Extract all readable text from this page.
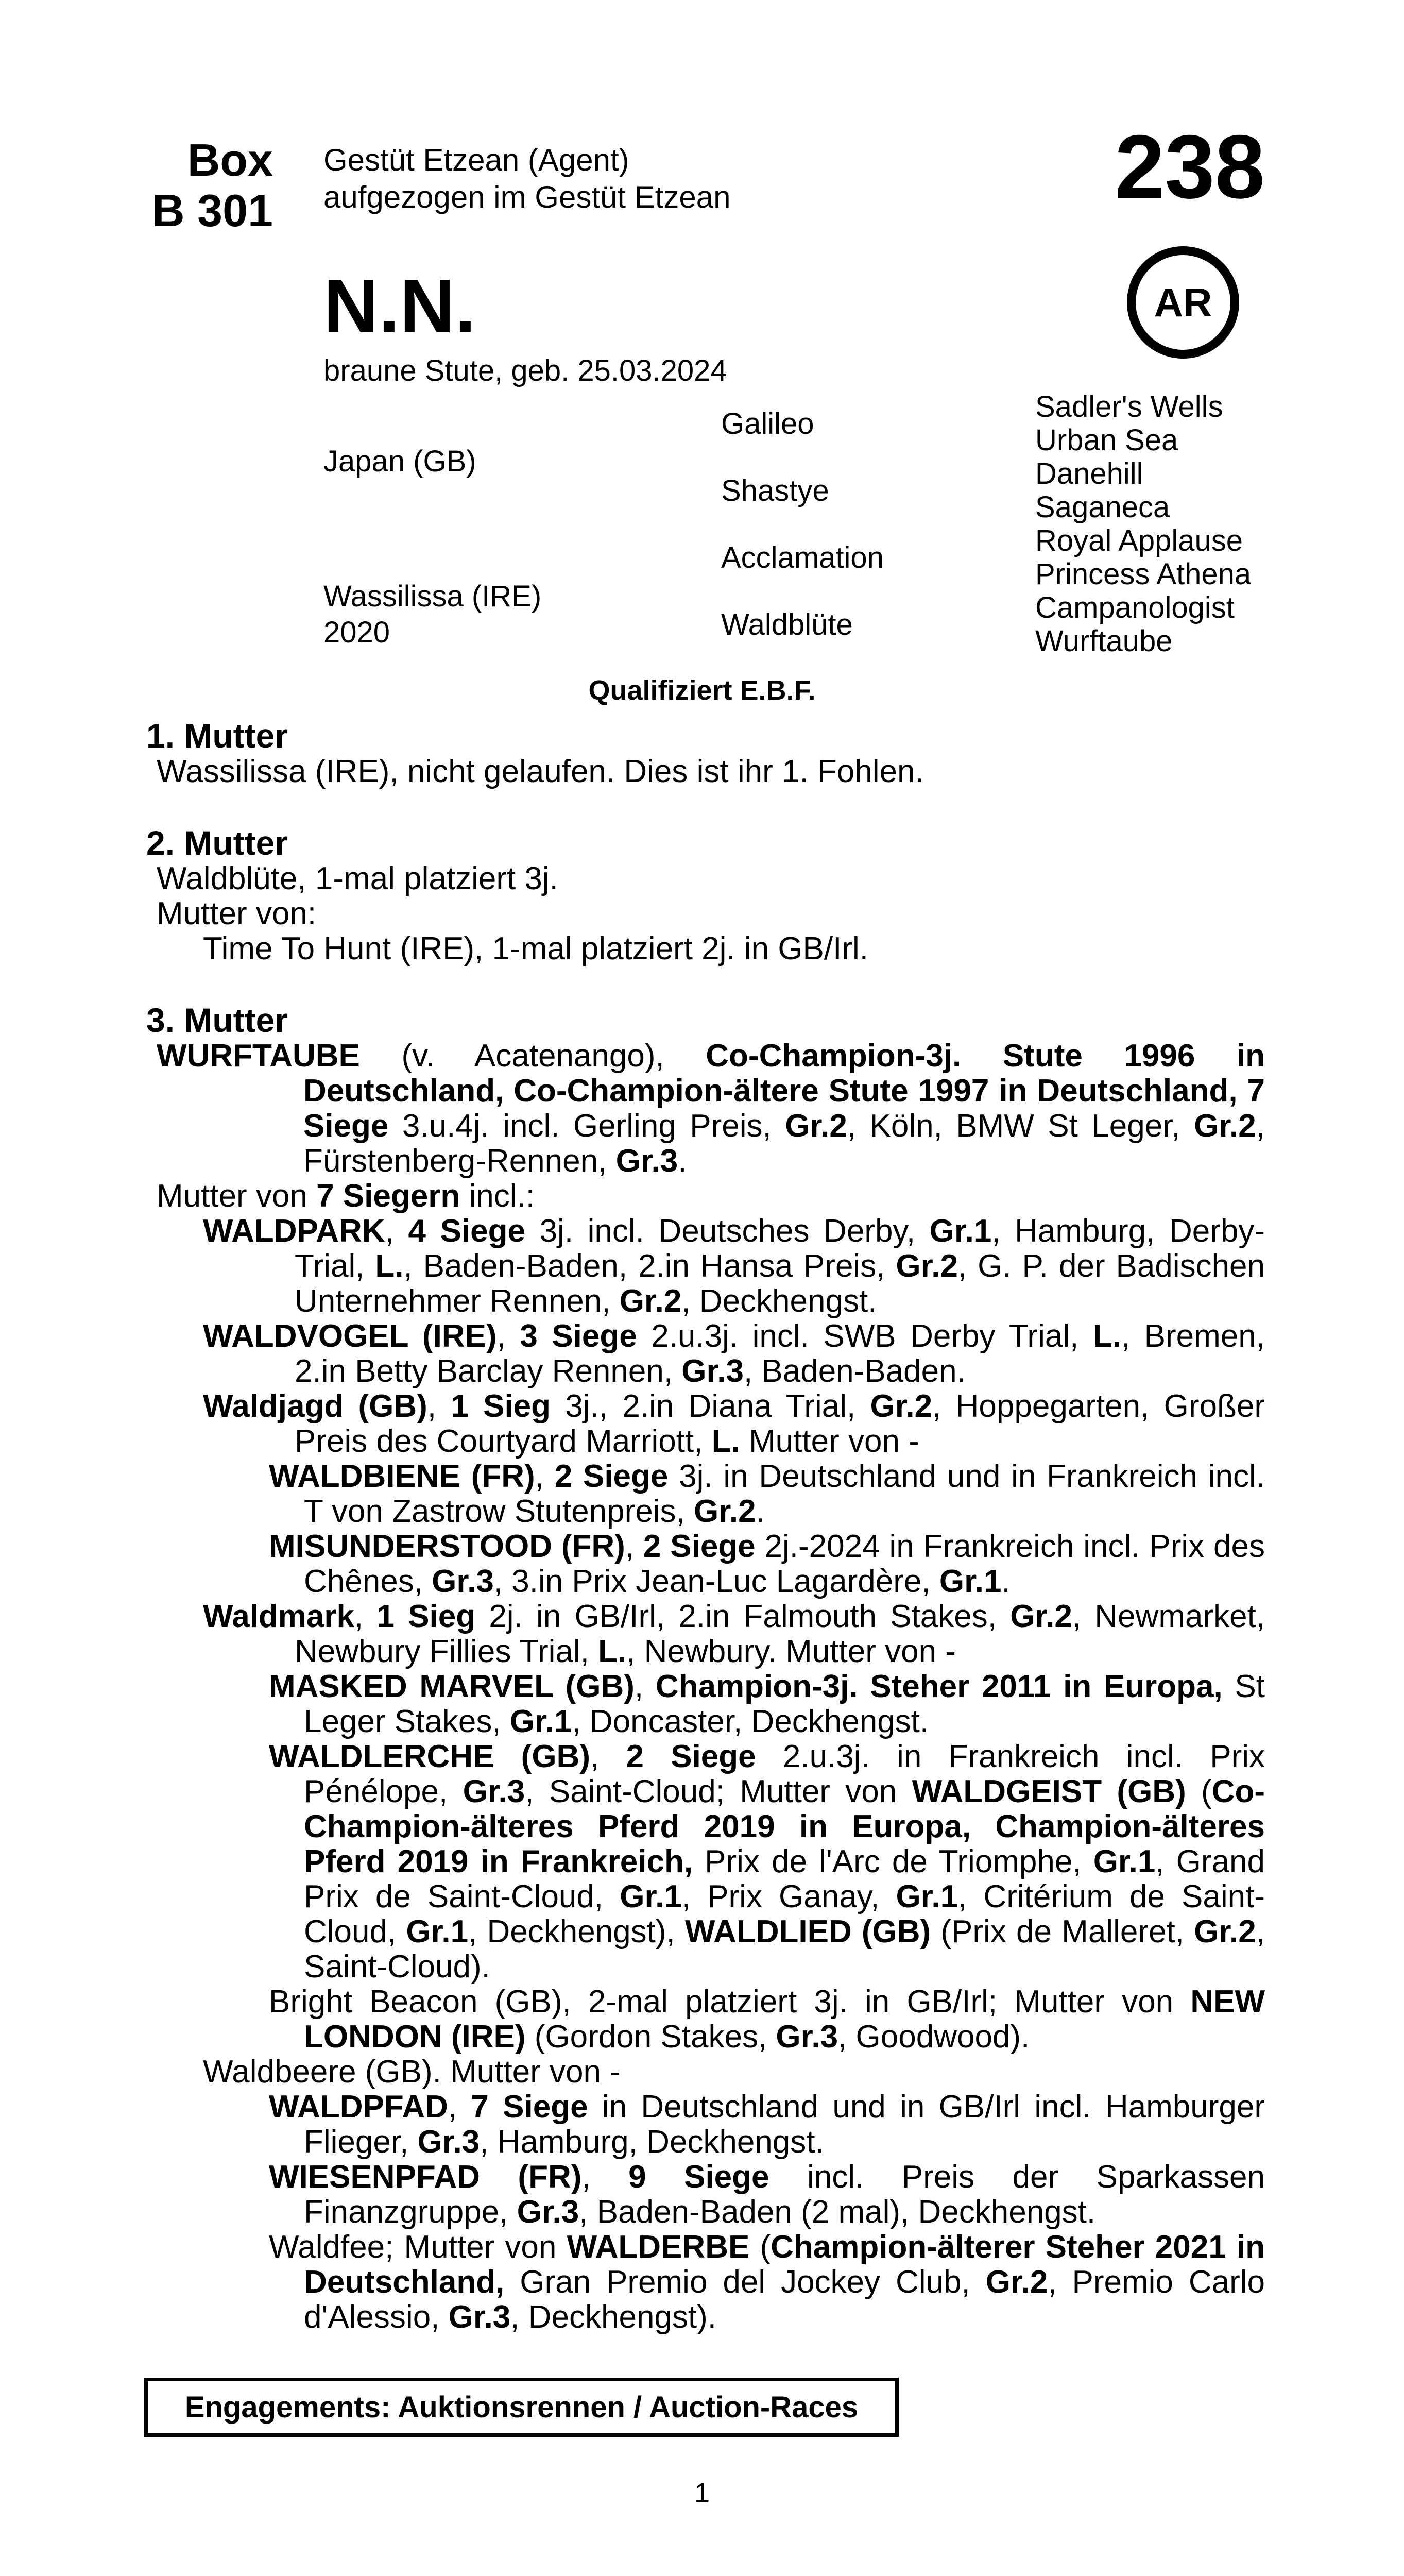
Box
B 301
Gestüt Etzean (Agent)
aufgezogen im Gestüt Etzean	238
AR
N.N.
braune Stute, geb. 25.03.2024
Japan (GB)
Wassilissa (IRE)
2020
Galileo
Shastye
Acclamation
Waldblüte
Sadler's Wells
Urban Sea
Danehill
Saganeca
Royal Applause
Princess Athena
Campanologist
Wurftaube
Qualifiziert E.B.F.

1. Mutter

Wassilissa (IRE), nicht gelaufen. Dies ist ihr 1. Fohlen.

2. Mutter

Waldblüte, 1-mal platziert 3j.

Mutter von:

Time To Hunt (IRE), 1-mal platziert 2j. in GB/Irl.

3. Mutter

WURFTAUBE (v. Acatenango), Co-Champion-3j. Stute 1996 in Deutschland, Co-Champion-ältere Stute 1997 in Deutschland, 7 Siege 3.u.4j. incl. Gerling Preis, Gr.2, Köln, BMW St Leger, Gr.2, Fürstenberg-Rennen, Gr.3.

Mutter von 7 Siegern incl.:

WALDPARK, 4 Siege 3j. incl. Deutsches Derby, Gr.1, Hamburg, Derby-Trial, L., Baden-Baden, 2.in Hansa Preis, Gr.2, G. P. der Badischen Unternehmer Rennen, Gr.2, Deckhengst.
WALDVOGEL (IRE), 3 Siege 2.u.3j. incl. SWB Derby Trial, L., Bremen, 2.in Betty Barclay Rennen, Gr.3, Baden-Baden.
Waldjagd (GB), 1 Sieg 3j., 2.in Diana Trial, Gr.2, Hoppegarten, Großer Preis des Courtyard Marriott, L. Mutter von -
WALDBIENE (FR), 2 Siege 3j. in Deutschland und in Frankreich incl. T von Zastrow Stutenpreis, Gr.2.
MISUNDERSTOOD (FR), 2 Siege 2j.-2024 in Frankreich incl. Prix des Chênes, Gr.3, 3.in Prix Jean-Luc Lagardère, Gr.1.
Waldmark, 1 Sieg 2j. in GB/Irl, 2.in Falmouth Stakes, Gr.2, Newmarket, Newbury Fillies Trial, L., Newbury. Mutter von -
MASKED MARVEL (GB), Champion-3j. Steher 2011 in Europa, St Leger Stakes, Gr.1, Doncaster, Deckhengst.
WALDLERCHE (GB), 2 Siege 2.u.3j. in Frankreich incl. Prix Pénélope, Gr.3, Saint-Cloud; Mutter von WALDGEIST (GB) (Co-Champion-älteres Pferd 2019 in Europa, Champion-älteres Pferd 2019 in Frankreich, Prix de l'Arc de Triomphe, Gr.1, Grand Prix de Saint-Cloud, Gr.1, Prix Ganay, Gr.1, Critérium de Saint-Cloud, Gr.1, Deckhengst), WALDLIED (GB) (Prix de Malleret, Gr.2, Saint-Cloud).
Bright Beacon (GB), 2-mal platziert 3j. in GB/Irl; Mutter von NEW LONDON (IRE) (Gordon Stakes, Gr.3, Goodwood).

Waldbeere (GB). Mutter von -

WALDPFAD, 7 Siege in Deutschland und in GB/Irl incl. Hamburger Flieger, Gr.3, Hamburg, Deckhengst.
WIESENPFAD (FR), 9 Siege incl. Preis der Sparkassen Finanzgruppe, Gr.3, Baden-Baden (2 mal), Deckhengst.
Waldfee; Mutter von WALDERBE (Champion-älterer Steher 2021 in Deutschland, Gran Premio del Jockey Club, Gr.2, Premio Carlo d'Alessio, Gr.3, Deckhengst).
Engagements: Auktionsrennen / Auction-Races
1
